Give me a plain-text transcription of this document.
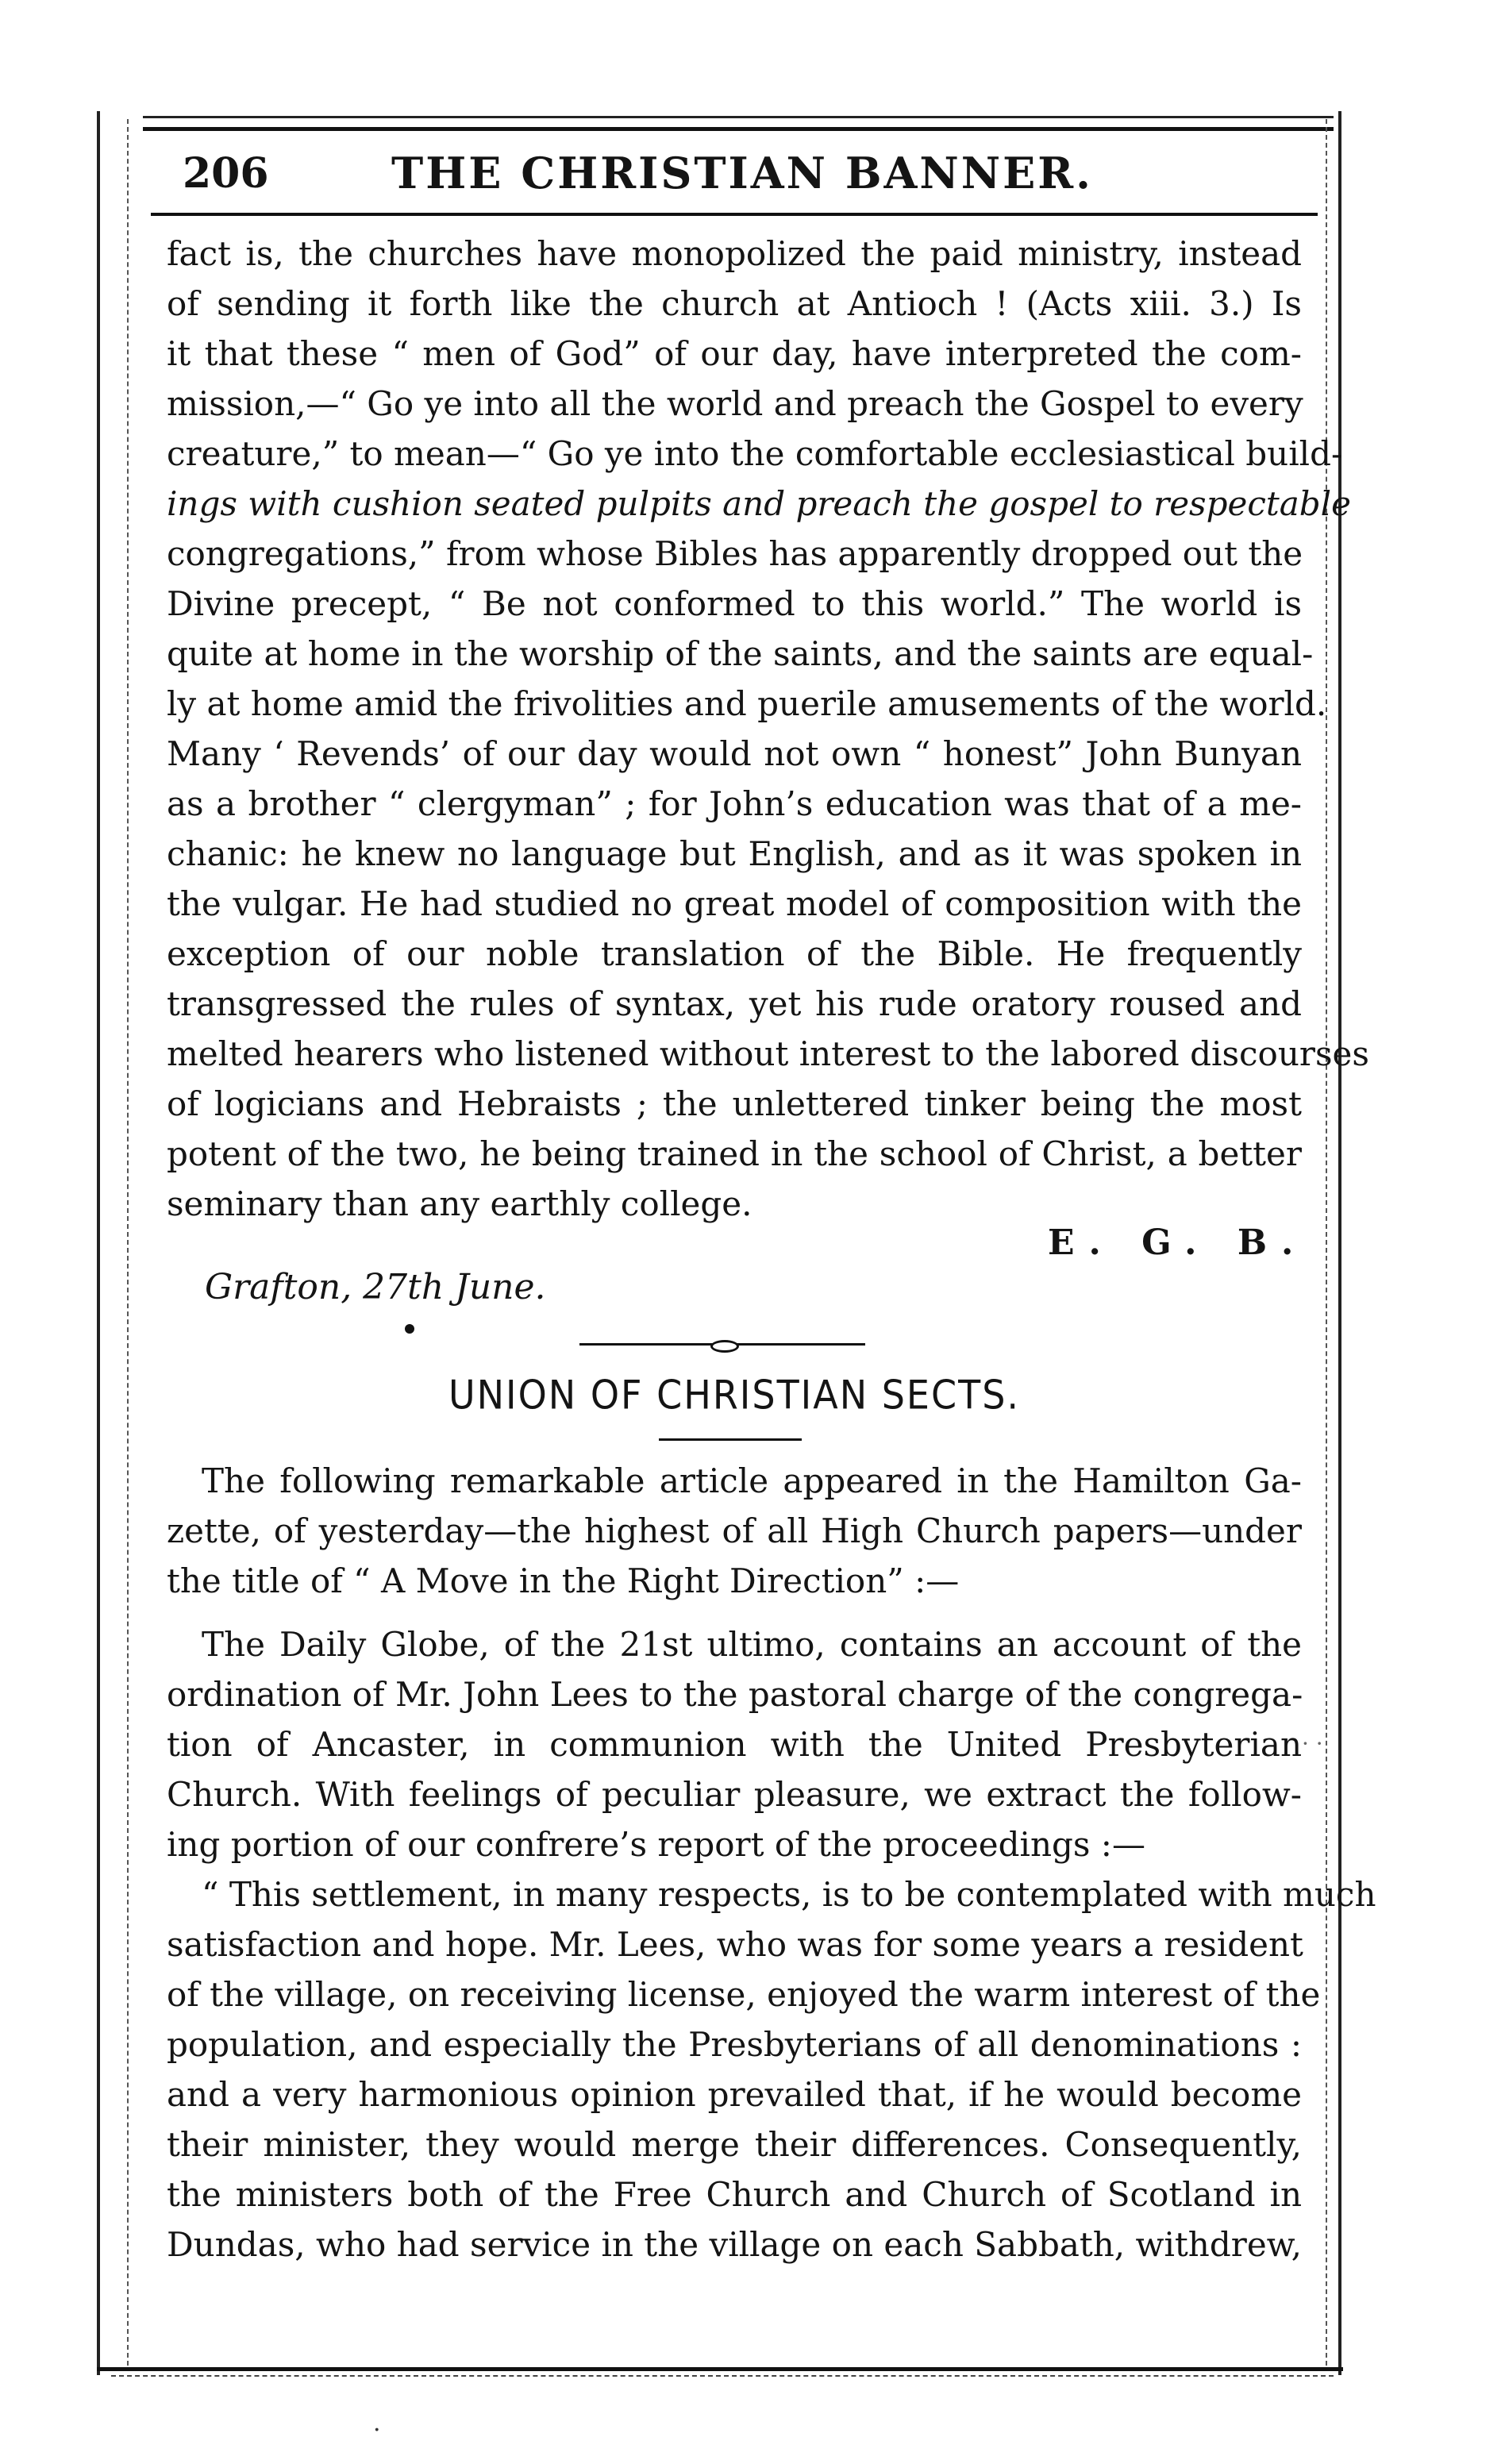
206	THE CHRISTIAN BANNER.
fact is, the churches have monopolized the paid ministry, instead
of sending it forth like the church at Antioch ! (Acts xiii. 3.) Is
it that these “ men of God” of our day, have interpreted the com-
mission,—“ Go ye into all the world and preach the Gospel to every
creature,” to mean—“ Go ye into the comfortable ecclesiastical build-
ings with cushion seated pulpits and preach the gospel to respectable
congregations,” from whose Bibles has apparently dropped out the
Divine precept, “ Be not conformed to this world.” The world is
quite at home in the worship of the saints, and the saints are equal-
ly at home amid the frivolities and puerile amusements of the world.
Many ‘ Revends’ of our day would not own “ honest” John Bunyan
as a brother “ clergyman” ; for John’s education was that of a me-
chanic: he knew no language but English, and as it was spoken in
the vulgar. He had studied no great model of composition with the
exception of our noble translation of the Bible. He frequently
transgressed the rules of syntax, yet his rude oratory roused and
melted hearers who listened without interest to the labored discourses
of logicians and Hebraists ; the unlettered tinker being the most
potent of the two, he being trained in the school of Christ, a better
seminary than any earthly college.
E. G. B.
Grafton, 27th June.
UNION OF CHRISTIAN SECTS.
The following remarkable article appeared in the Hamilton Ga-
zette, of yesterday—the highest of all High Church papers—under
the title of “ A Move in the Right Direction” :—
The Daily Globe, of the 21st ultimo, contains an account of the
ordination of Mr. John Lees to the pastoral charge of the congrega-
tion of Ancaster, in communion with the United Presbyterian
Church. With feelings of peculiar pleasure, we extract the follow-
ing portion of our confrere’s report of the proceedings :—
“ This settlement, in many respects, is to be contemplated with much
satisfaction and hope. Mr. Lees, who was for some years a resident
of the village, on receiving license, enjoyed the warm interest of the
population, and especially the Presbyterians of all denominations :
and a very harmonious opinion prevailed that, if he would become
their minister, they would merge their differences. Consequently,
the ministers both of the Free Church and Church of Scotland in
Dundas, who had service in the village on each Sabbath, withdrew,
· ·
·
